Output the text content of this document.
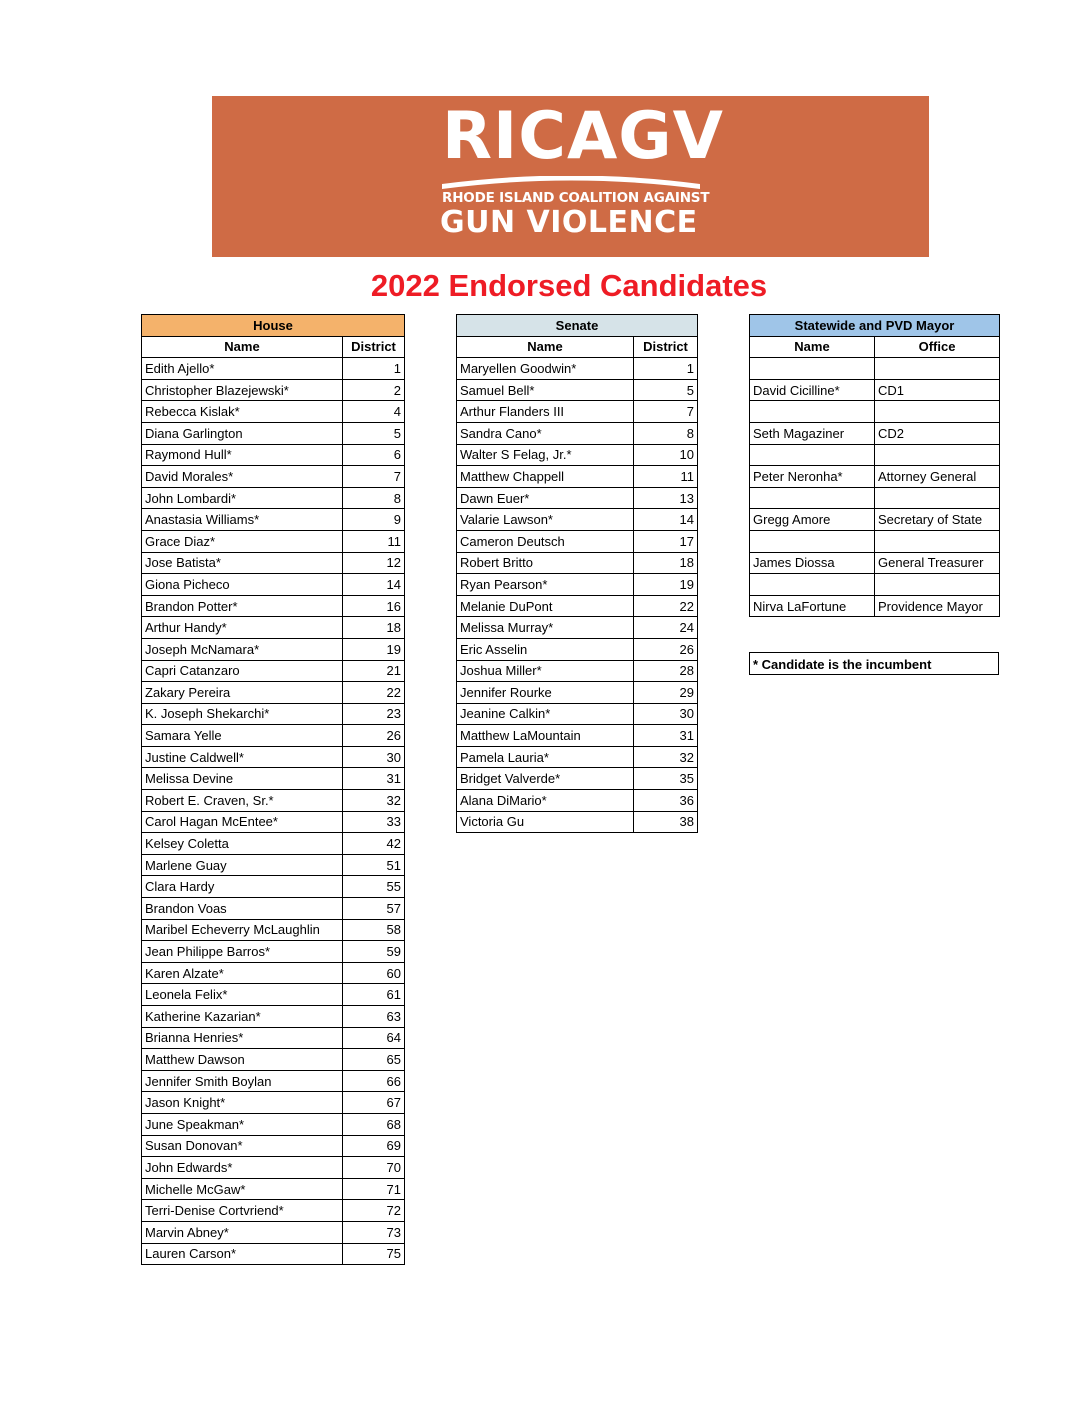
RICAGV
RHODE ISLAND COALITION AGAINST
GUN VIOLENCE
2022 Endorsed Candidates
House	
Name	District
Edith Ajello*	1
Christopher Blazejewski*	2
Rebecca Kislak*	4
Diana Garlington	5
Raymond Hull*	6
David Morales*	7
John Lombardi*	8
Anastasia Williams*	9
Grace Diaz*	11
Jose Batista*	12
Giona Picheco	14
Brandon Potter*	16
Arthur Handy*	18
Joseph McNamara*	19
Capri Catanzaro	21
Zakary Pereira	22
K. Joseph Shekarchi*	23
Samara Yelle	26
Justine Caldwell*	30
Melissa Devine	31
Robert E. Craven, Sr.*	32
Carol Hagan McEntee*	33
Kelsey Coletta	42
Marlene Guay	51
Clara Hardy	55
Brandon Voas	57
Maribel Echeverry McLaughlin	58
Jean Philippe Barros*	59
Karen Alzate*	60
Leonela Felix*	61
Katherine Kazarian*	63
Brianna Henries*	64
Matthew Dawson	65
Jennifer Smith Boylan	66
Jason Knight*	67
June Speakman*	68
Susan Donovan*	69
John Edwards*	70
Michelle McGaw*	71
Terri-Denise Cortvriend*	72
Marvin Abney*	73
Lauren Carson*	75
Senate	
Name	District
Maryellen Goodwin*	1
Samuel Bell*	5
Arthur Flanders III	7
Sandra Cano*	8
Walter S Felag, Jr.*	10
Matthew Chappell	11
Dawn Euer*	13
Valarie Lawson*	14
Cameron Deutsch	17
Robert Britto	18
Ryan Pearson*	19
Melanie DuPont	22
Melissa Murray*	24
Eric Asselin	26
Joshua Miller*	28
Jennifer Rourke	29
Jeanine Calkin*	30
Matthew LaMountain	31
Pamela Lauria*	32
Bridget Valverde*	35
Alana DiMario*	36
Victoria Gu	38
Statewide and PVD Mayor	
Name	Office

David Cicilline*	CD1

Seth Magaziner	CD2

Peter Neronha*	Attorney General

Gregg Amore	Secretary of State

James Diossa	General Treasurer

Nirva LaFortune	Providence Mayor
* Candidate is the incumbent
